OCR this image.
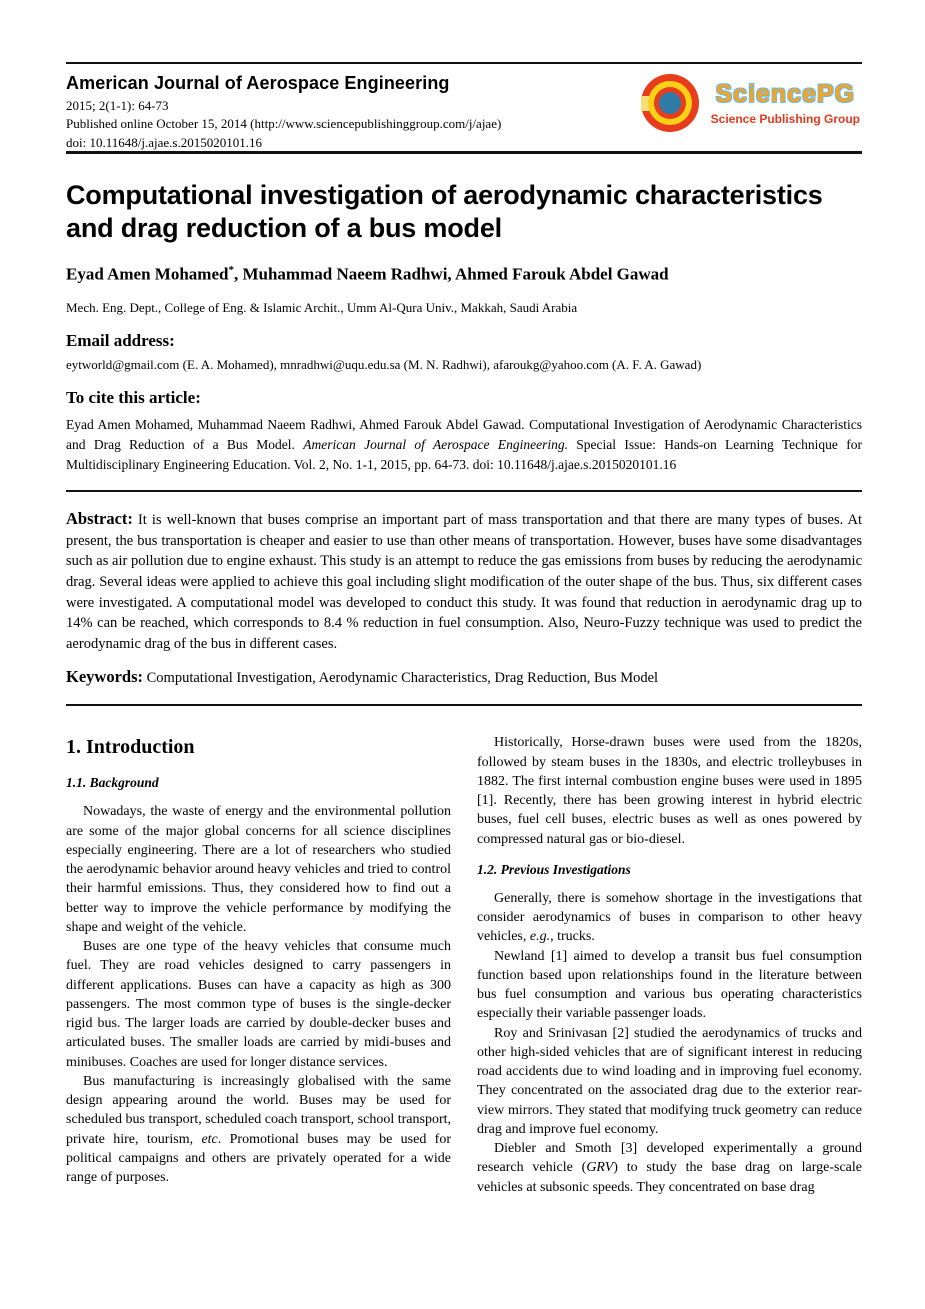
American Journal of Aerospace Engineering
2015; 2(1-1): 64-73
Published online October 15, 2014 (http://www.sciencepublishinggroup.com/j/ajae)
doi: 10.11648/j.ajae.s.2015020101.16
SciencePG
Science Publishing Group
Computational investigation of aerodynamic characteristics and drag reduction of a bus model
Eyad Amen Mohamed*, Muhammad Naeem Radhwi, Ahmed Farouk Abdel Gawad
Mech. Eng. Dept., College of Eng. & Islamic Archit., Umm Al-Qura Univ., Makkah, Saudi Arabia
Email address:
eytworld@gmail.com (E. A. Mohamed), mnradhwi@uqu.edu.sa (M. N. Radhwi), afaroukg@yahoo.com (A. F. A. Gawad)
To cite this article:
Eyad Amen Mohamed, Muhammad Naeem Radhwi, Ahmed Farouk Abdel Gawad. Computational Investigation of Aerodynamic Characteristics and Drag Reduction of a Bus Model. American Journal of Aerospace Engineering. Special Issue: Hands-on Learning Technique for Multidisciplinary Engineering Education. Vol. 2, No. 1-1, 2015, pp. 64-73. doi: 10.11648/j.ajae.s.2015020101.16
Abstract: It is well-known that buses comprise an important part of mass transportation and that there are many types of buses. At present, the bus transportation is cheaper and easier to use than other means of transportation. However, buses have some disadvantages such as air pollution due to engine exhaust. This study is an attempt to reduce the gas emissions from buses by reducing the aerodynamic drag. Several ideas were applied to achieve this goal including slight modification of the outer shape of the bus. Thus, six different cases were investigated. A computational model was developed to conduct this study. It was found that reduction in aerodynamic drag up to 14% can be reached, which corresponds to 8.4 % reduction in fuel consumption. Also, Neuro-Fuzzy technique was used to predict the aerodynamic drag of the bus in different cases.
Keywords: Computational Investigation, Aerodynamic Characteristics, Drag Reduction, Bus Model
1. Introduction
1.1. Background

Nowadays, the waste of energy and the environmental pollution are some of the major global concerns for all science disciplines especially engineering. There are a lot of researchers who studied the aerodynamic behavior around heavy vehicles and tried to control their harmful emissions. Thus, they considered how to find out a better way to improve the vehicle performance by modifying the shape and weight of the vehicle.

Buses are one type of the heavy vehicles that consume much fuel. They are road vehicles designed to carry passengers in different applications. Buses can have a capacity as high as 300 passengers. The most common type of buses is the single-decker rigid bus. The larger loads are carried by double-decker buses and articulated buses. The smaller loads are carried by midi-buses and minibuses. Coaches are used for longer distance services.

Bus manufacturing is increasingly globalised with the same design appearing around the world. Buses may be used for scheduled bus transport, scheduled coach transport, school transport, private hire, tourism, etc. Promotional buses may be used for political campaigns and others are privately operated for a wide range of purposes.

Historically, Horse-drawn buses were used from the 1820s, followed by steam buses in the 1830s, and electric trolleybuses in 1882. The first internal combustion engine buses were used in 1895 [1]. Recently, there has been growing interest in hybrid electric buses, fuel cell buses, electric buses as well as ones powered by compressed natural gas or bio-diesel.

1.2. Previous Investigations

Generally, there is somehow shortage in the investigations that consider aerodynamics of buses in comparison to other heavy vehicles, e.g., trucks.

Newland [1] aimed to develop a transit bus fuel consumption function based upon relationships found in the literature between bus fuel consumption and various bus operating characteristics especially their variable passenger loads.

Roy and Srinivasan [2] studied the aerodynamics of trucks and other high-sided vehicles that are of significant interest in reducing road accidents due to wind loading and in improving fuel economy. They concentrated on the associated drag due to the exterior rear-view mirrors. They stated that modifying truck geometry can reduce drag and improve fuel economy.

Diebler and Smoth [3] developed experimentally a ground research vehicle (GRV) to study the base drag on large-scale vehicles at subsonic speeds. They concentrated on base drag
